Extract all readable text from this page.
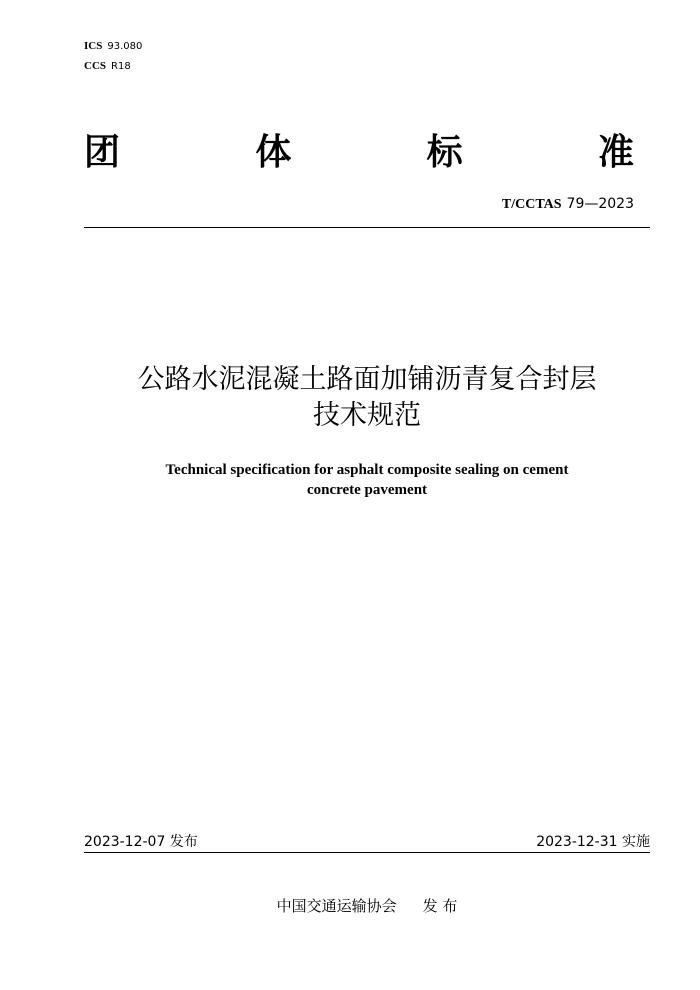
ICS 93.080
CCS R18
团	体	标	准
T/CCTAS 79—2023
公路水泥混凝土路面加铺沥青复合封层
技术规范
Technical specification for asphalt composite sealing on cement
concrete pavement
2023-12-07 发布	2023-12-31 实施
中国交通运输协会 发 布
